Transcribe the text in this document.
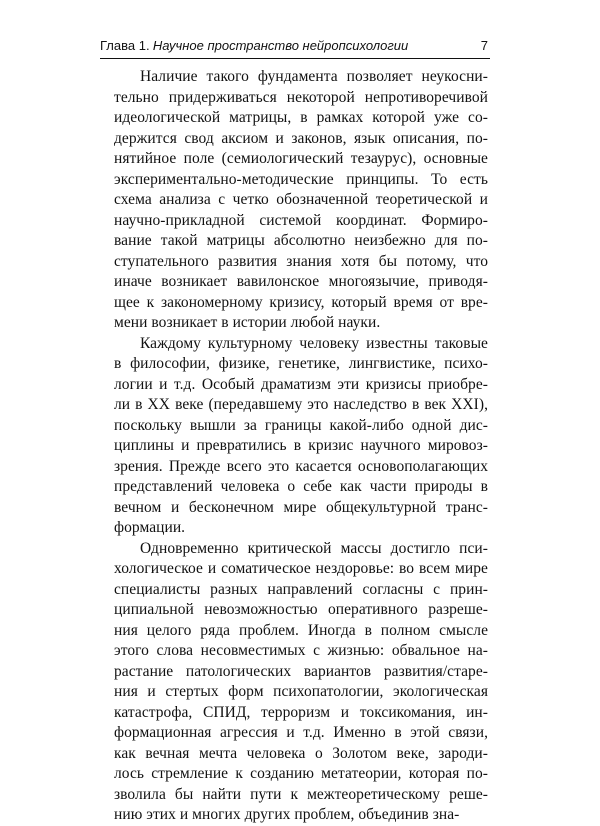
Глава 1. Научное пространство нейропсихологии	7
Наличие такого фундамента позволяет неукосни-
тельно придерживаться некоторой непротиворечивой
идеологической матрицы, в рамках которой уже со-
держится свод аксиом и законов, язык описания, по-
нятийное поле (семиологический тезаурус), основные
экспериментально-методические принципы. То есть
схема анализа с четко обозначенной теоретической и
научно-прикладной системой координат. Формиро-
вание такой матрицы абсолютно неизбежно для по-
ступательного развития знания хотя бы потому, что
иначе возникает вавилонское многоязычие, приводя-
щее к закономерному кризису, который время от вре-
мени возникает в истории любой науки.
Каждому культурному человеку известны таковые
в философии, физике, генетике, лингвистике, психо-
логии и т.д. Особый драматизм эти кризисы приобре-
ли в XX веке (передавшему это наследство в век XXI),
поскольку вышли за границы какой-либо одной дис-
циплины и превратились в кризис научного мировоз-
зрения. Прежде всего это касается основополагающих
представлений человека о себе как части природы в
вечном и бесконечном мире общекультурной транс-
формации.
Одновременно критической массы достигло пси-
хологическое и соматическое нездоровье: во всем мире
специалисты разных направлений согласны с прин-
ципиальной невозможностью оперативного разреше-
ния целого ряда проблем. Иногда в полном смысле
этого слова несовместимых с жизнью: обвальное на-
растание патологических вариантов развития/старе-
ния и стертых форм психопатологии, экологическая
катастрофа, СПИД, терроризм и токсикомания, ин-
формационная агрессия и т.д. Именно в этой связи,
как вечная мечта человека о Золотом веке, зароди-
лось стремление к созданию метатеории, которая по-
зволила бы найти пути к межтеоретическому реше-
нию этих и многих других проблем, объединив зна-
